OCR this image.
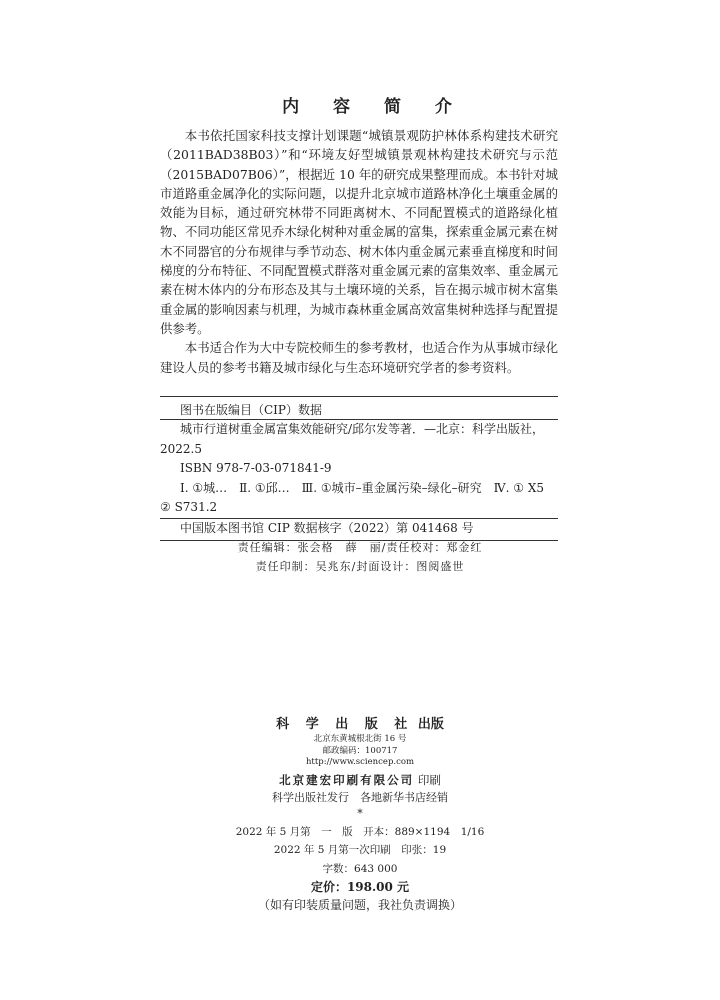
内 容 简 介

本书依托国家科技支撑计划课题“城镇景观防护林体系构建技术研究（2011BAD38B03）”和“环境友好型城镇景观林构建技术研究与示范（2015BAD07B06）”，根据近 10 年的研究成果整理而成。本书针对城市道路重金属净化的实际问题，以提升北京城市道路林净化土壤重金属的效能为目标，通过研究林带不同距离树木、不同配置模式的道路绿化植物、不同功能区常见乔木绿化树种对重金属的富集，探索重金属元素在树木不同器官的分布规律与季节动态、树木体内重金属元素垂直梯度和时间梯度的分布特征、不同配置模式群落对重金属元素的富集效率、重金属元素在树木体内的分布形态及其与土壤环境的关系，旨在揭示城市树木富集重金属的影响因素与机理，为城市森林重金属高效富集树种选择与配置提供参考。

本书适合作为大中专院校师生的参考教材，也适合作为从事城市绿化建设人员的参考书籍及城市绿化与生态环境研究学者的参考资料。

图书在版编目（CIP）数据
城市行道树重金属富集效能研究/邱尔发等著．—北京：科学出版社，
2022.5
ISBN 978-7-03-071841-9
Ⅰ. ①城…　Ⅱ. ①邱…　Ⅲ. ①城市–重金属污染–绿化–研究　Ⅳ. ① X5
② S731.2
中国版本图书馆 CIP 数据核字（2022）第 041468 号
责任编辑：张会格　薛　丽/责任校对：郑金红
责任印制：吴兆东/封面设计：图阅盛世
科 学 出 版 社 出版
北京东黄城根北街 16 号
邮政编码：100717
http://www.sciencep.com
北京建宏印刷有限公司 印刷
科学出版社发行　各地新华书店经销
*
2022 年 5 月第　一　版　开本：889×1194　1/16
2022 年 5 月第一次印刷　印张：19
字数：643 000
定价：198.00 元
（如有印装质量问题，我社负责调换）
